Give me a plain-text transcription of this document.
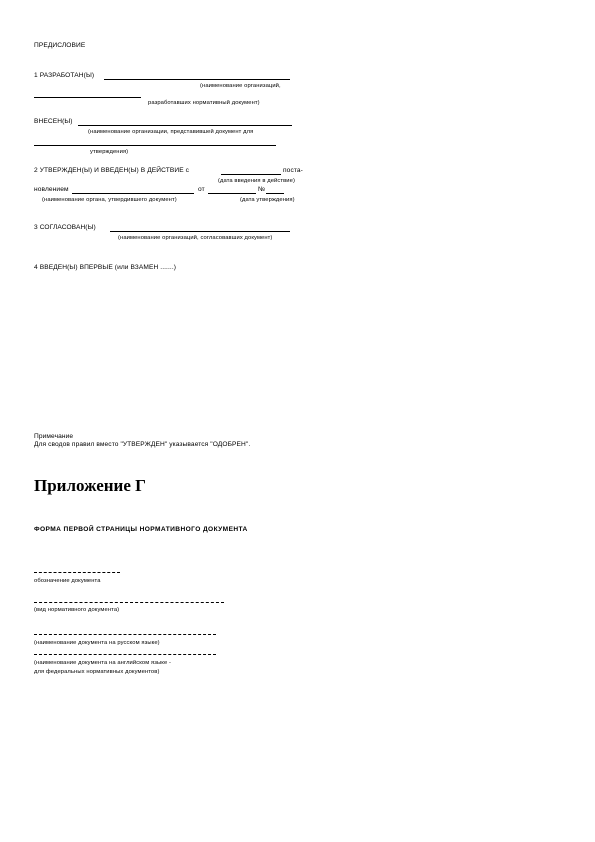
ПРЕДИСЛОВИЕ
1 РАЗРАБОТАН(Ы)
(наименование организаций,
разработавших нормативный документ)
ВНЕСЕН(Ы)
(наименование организации, представившей документ для
утверждения)
2 УТВЕРЖДЕН(Ы) И ВВЕДЕН(Ы) В ДЕЙСТВИЕ с	поста-
(дата введения в действие)
новлением	от	№
(наименование органа, утвердившего документ)	(дата утверждения)
3 СОГЛАСОВАН(Ы)
(наименование организаций, согласовавших документ)
4 ВВЕДЕН(Ы) ВПЕРВЫЕ (или ВЗАМЕН .......)
Примечание
Для сводов правил вместо "УТВЕРЖДЕН" указывается "ОДОБРЕН".
Приложение Г
ФОРМА ПЕРВОЙ СТРАНИЦЫ НОРМАТИВНОГО ДОКУМЕНТА
обозначение документа
(вид нормативного документа)
(наименование документа на русском языке)
(наименование документа на английском языке -
для федеральных нормативных документов)
